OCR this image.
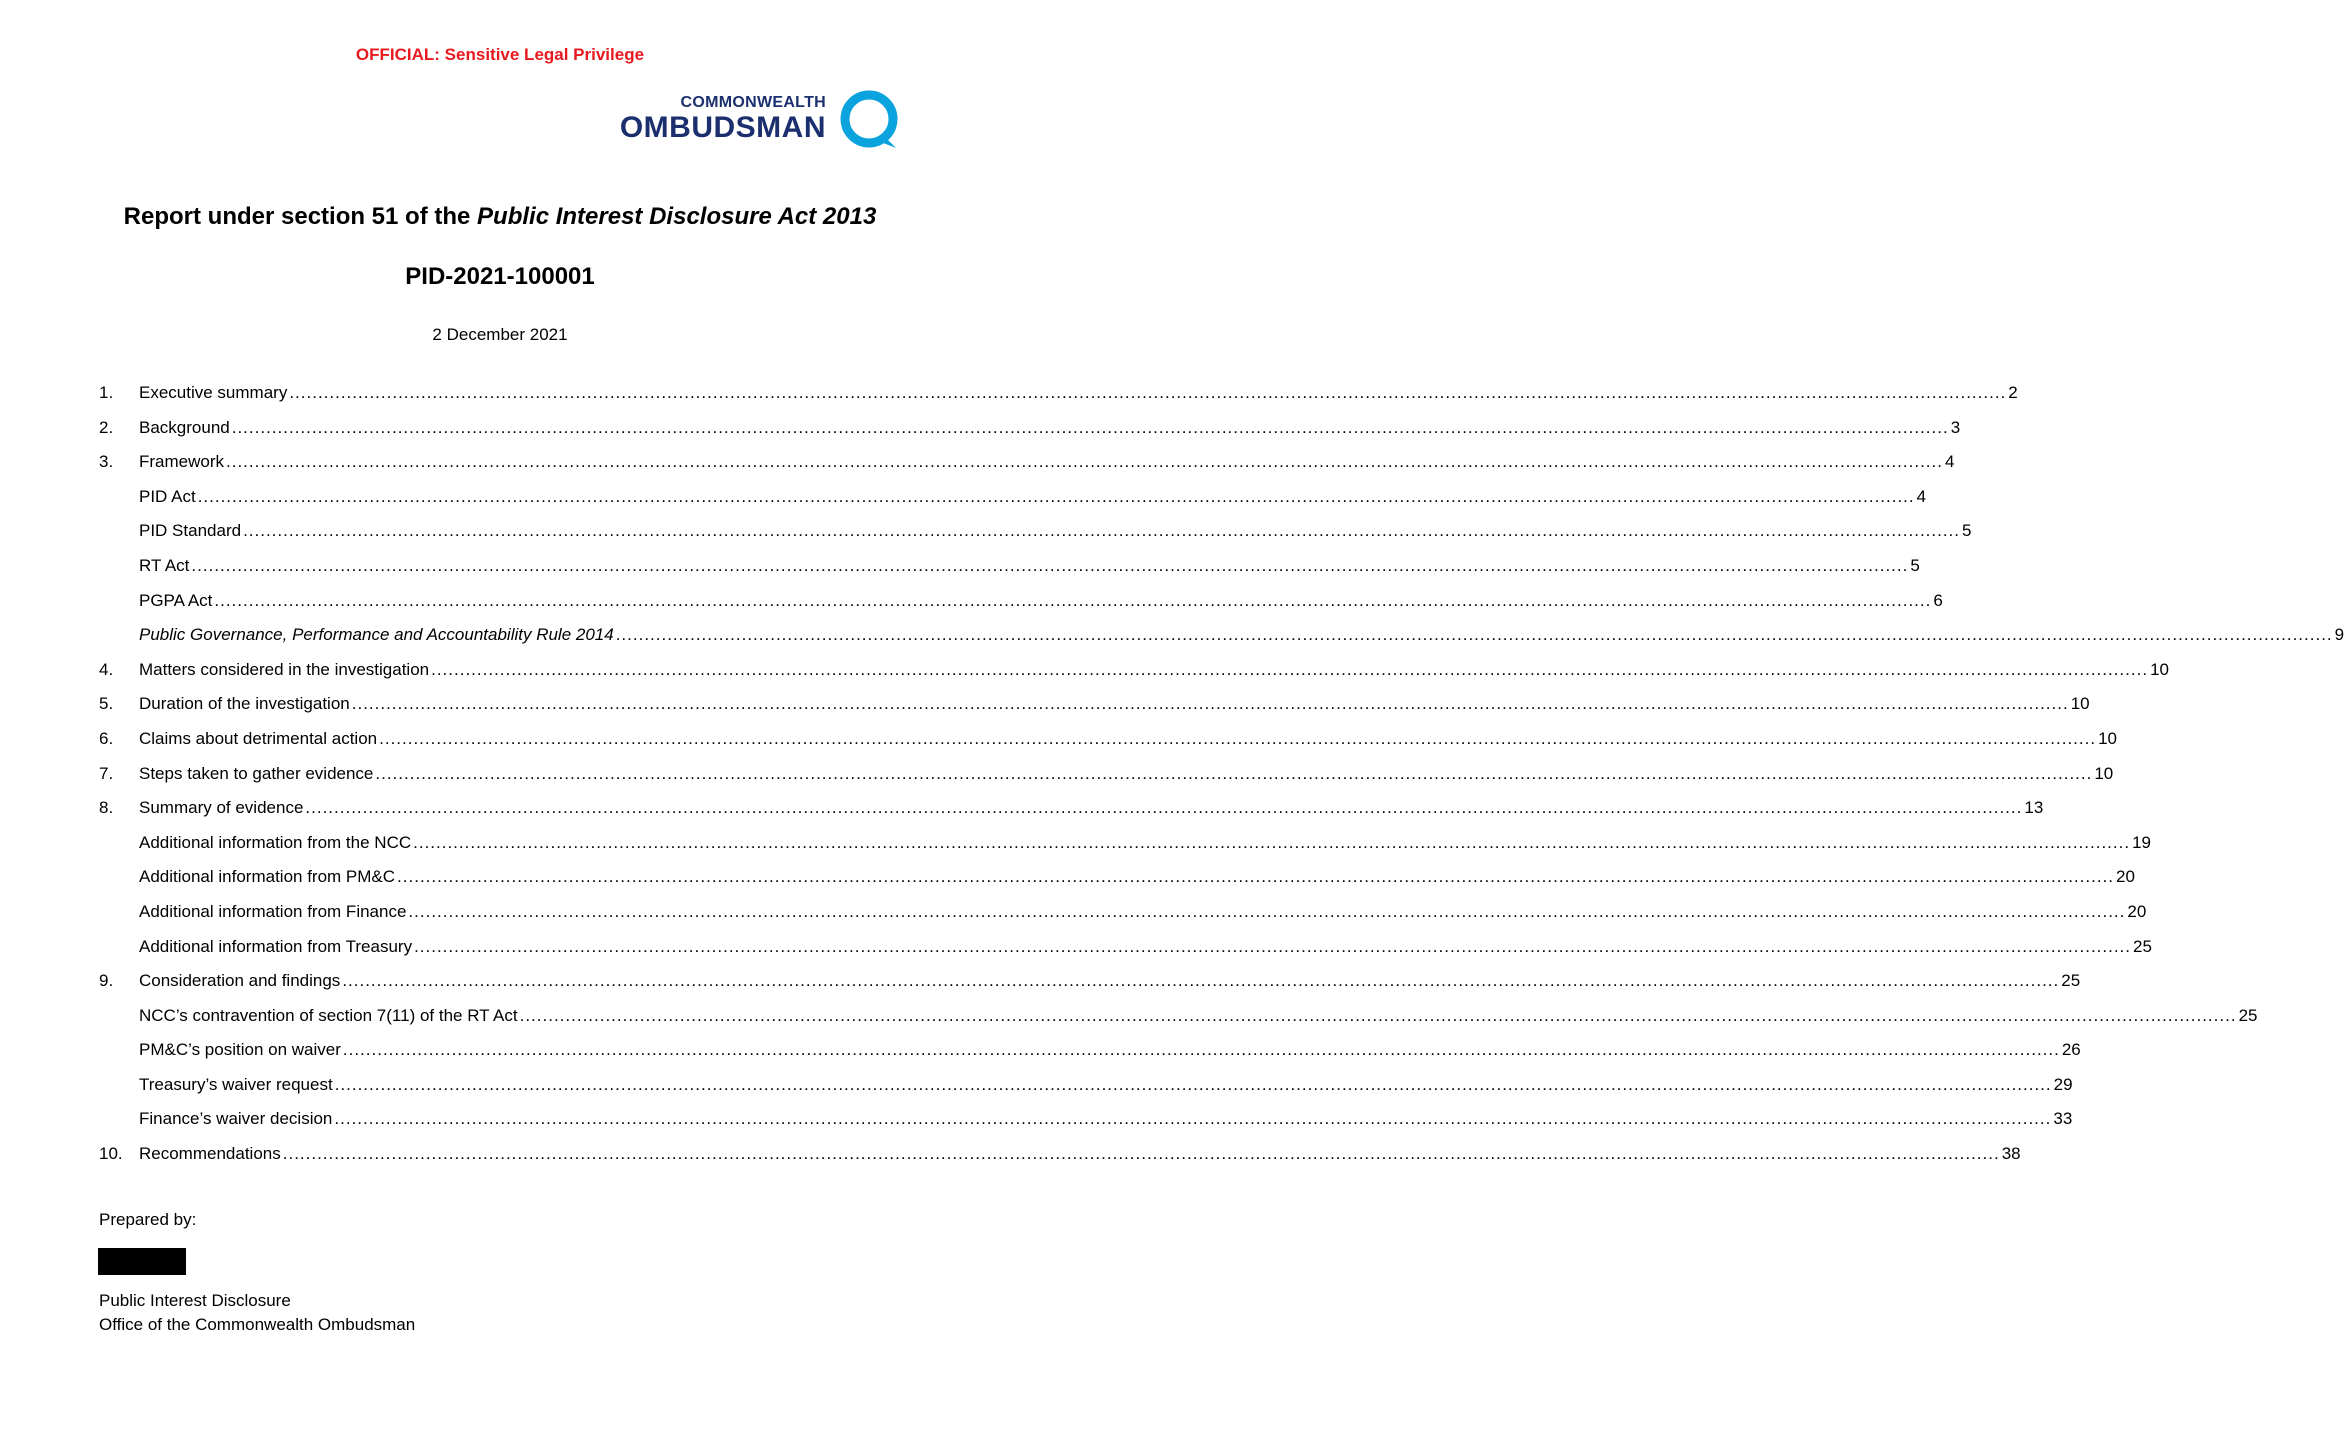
OFFICIAL: Sensitive Legal Privilege
COMMONWEALTH
OMBUDSMAN
Report under section 51 of the Public Interest Disclosure Act 2013
PID-2021-100001
2 December 2021
1.	Executive summary ............................................................................................................................................................................................................................................................................................................ 2
2.	Background ............................................................................................................................................................................................................................................................................................................ 3
3.	Framework ............................................................................................................................................................................................................................................................................................................ 4
PID Act ............................................................................................................................................................................................................................................................................................................ 4
PID Standard ............................................................................................................................................................................................................................................................................................................ 5
RT Act ............................................................................................................................................................................................................................................................................................................ 5
PGPA Act ............................................................................................................................................................................................................................................................................................................ 6
Public Governance, Performance and Accountability Rule 2014 ............................................................................................................................................................................................................................................................................................................ 9
4.	Matters considered in the investigation ............................................................................................................................................................................................................................................................................................................ 10
5.	Duration of the investigation ............................................................................................................................................................................................................................................................................................................ 10
6.	Claims about detrimental action ............................................................................................................................................................................................................................................................................................................ 10
7.	Steps taken to gather evidence ............................................................................................................................................................................................................................................................................................................ 10
8.	Summary of evidence ............................................................................................................................................................................................................................................................................................................ 13
Additional information from the NCC ............................................................................................................................................................................................................................................................................................................ 19
Additional information from PM&C ............................................................................................................................................................................................................................................................................................................ 20
Additional information from Finance ............................................................................................................................................................................................................................................................................................................ 20
Additional information from Treasury ............................................................................................................................................................................................................................................................................................................ 25
9.	Consideration and findings ............................................................................................................................................................................................................................................................................................................ 25
NCC’s contravention of section 7(11) of the RT Act ............................................................................................................................................................................................................................................................................................................ 25
PM&C’s position on waiver ............................................................................................................................................................................................................................................................................................................ 26
Treasury’s waiver request ............................................................................................................................................................................................................................................................................................................ 29
Finance’s waiver decision ............................................................................................................................................................................................................................................................................................................ 33
10. Recommendations ............................................................................................................................................................................................................................................................................................................ 38
Prepared by:
Public Interest Disclosure
Office of the Commonwealth Ombudsman
